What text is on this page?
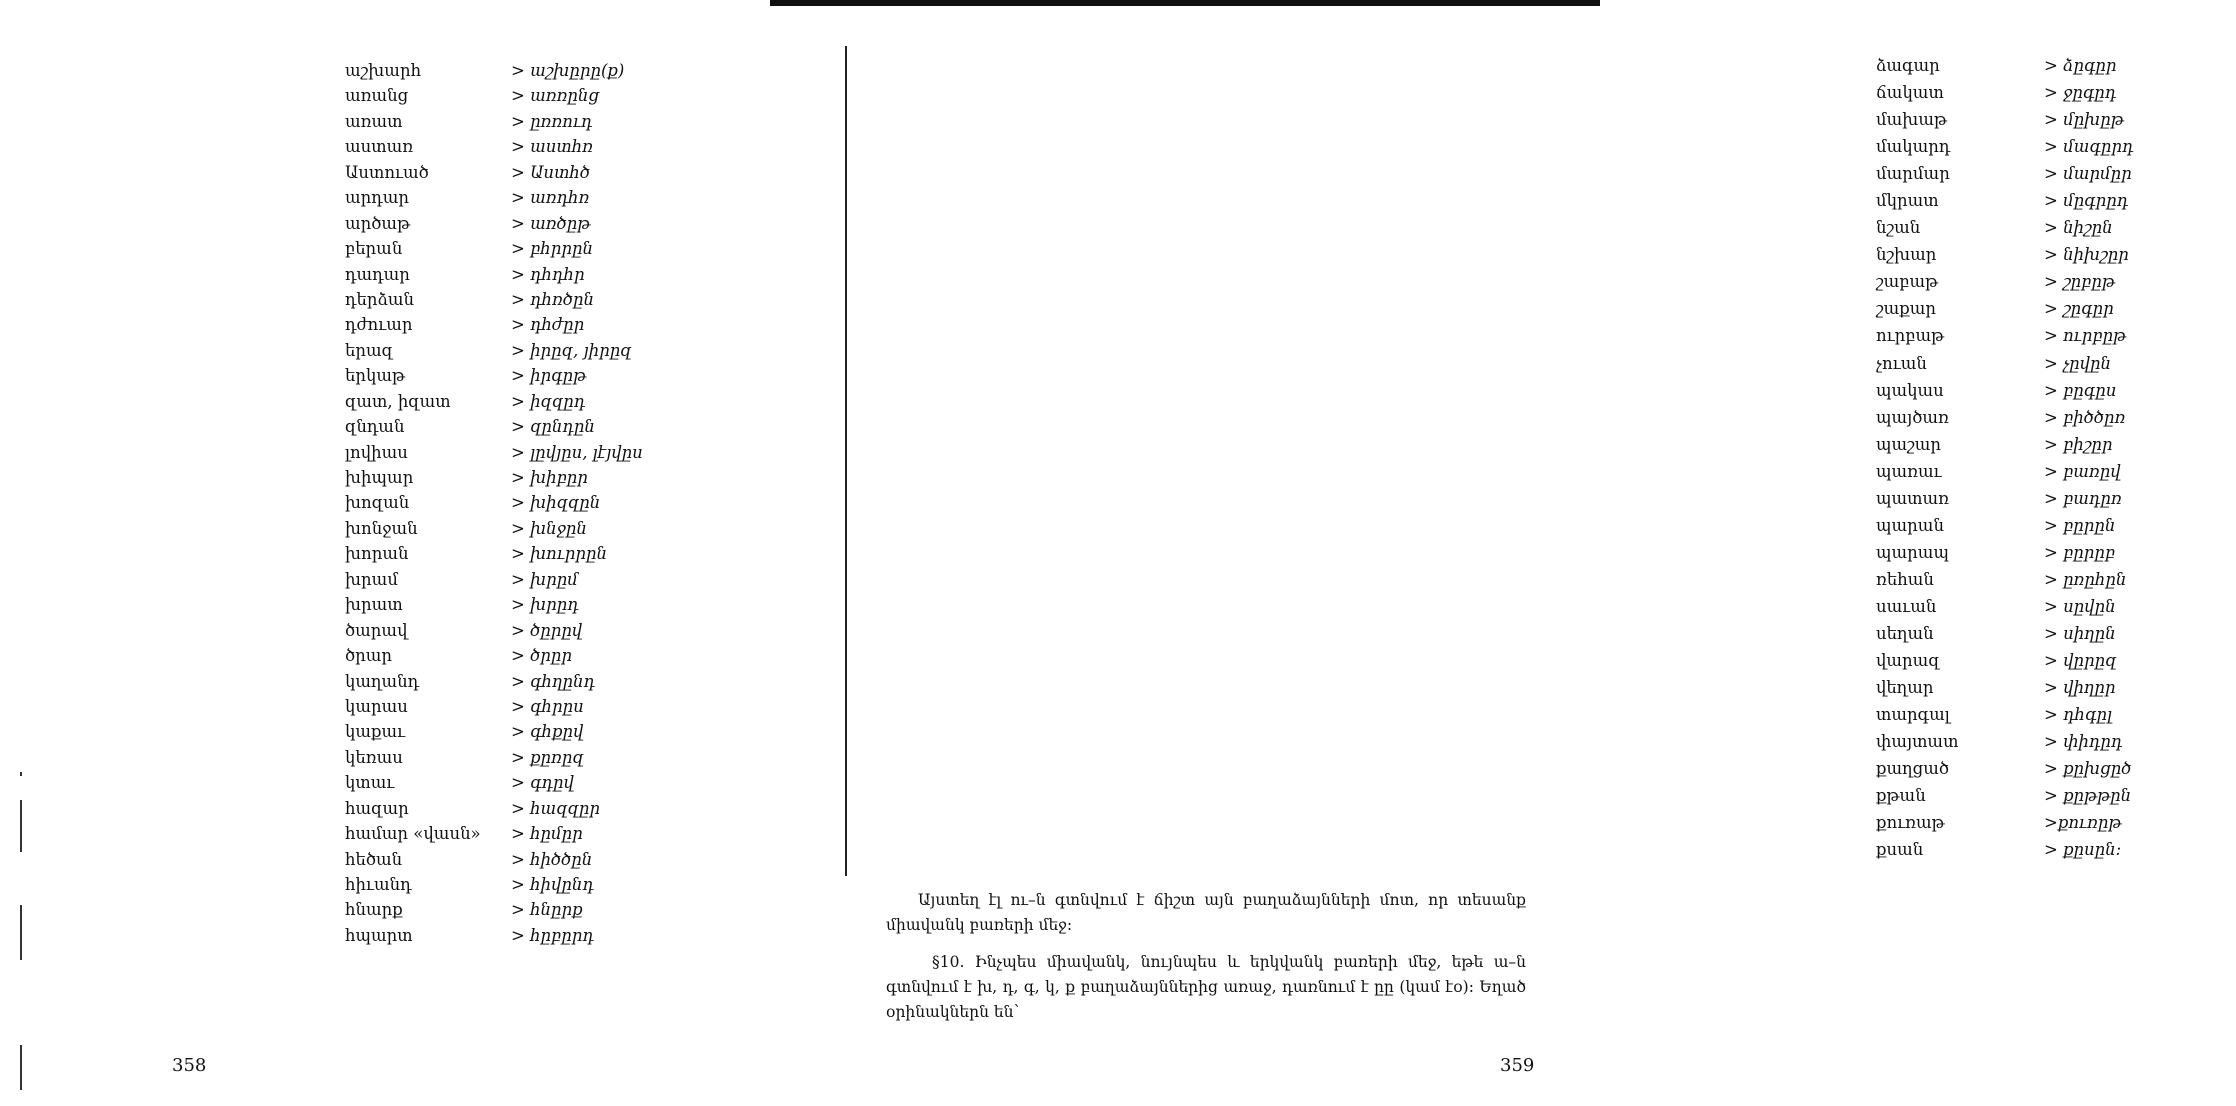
աշխարհ	> աշխըրը(ք)
առանց	> առռընց
առատ	> ըռռուդ
աստառ	> աստհռ
Աստուած	> Աստհծ
արդար	> առդհռ
արծաթ	> առծըթ
բերան	> բհրրըն
դադար	> դհդհր
դերձան	> դհռծըն
դժուար	> դհժըր
երազ	> իրըզ, յիրըզ
երկաթ	> իրգըթ
զատ, իզատ	> իզզըդ
զնդան	> զընդըն
լովիաս	> լըվյըս, լէյվըս
խիպար	> խիբըր
խոզան	> խիզզըն
խոնջան	> խնջըն
խորան	> խուրրըն
խրամ	> խրըմ
խրատ	> խրըդ
ծարավ	> ծըրըվ
ծրար	> ծրըր
կաղանդ	> գհղընդ
կարաս	> գհրըս
կաքաւ	> գհքըվ
կեռաս	> քըռըզ
կտաւ	> գդըվ
հազար	> հազզըր
համար «վասն» > հըմըր
հեծան	> հիծծըն
հիւանդ	> հիվընդ
հնարք	> հնըրք
հպարտ	> հըբըրդ
358
ձագար	> ձըգըր
ճակատ	> ջըգըդ
մախաթ	> մըխըթ
մակարդ	> մագըրդ
մարմար	> մարմըր
մկրատ	> մըգրըդ
նշան	> նիշըն
նշխար	> նիխշըր
շաբաթ	> շըբըթ
շաքար	> շըգըր
ուրբաթ	> ուրբըթ
չուան	> չըվըն
պակաս	> բըգըս
պայծառ	> բիծծըռ
պաշար	> բիշըր
պառաւ	> բառըվ
պատառ	> բադըռ
պարան	> բըրըն
պարապ	> բըրըբ
ռեհան	> ըռըհըն
սաւան	> սըվըն
սեղան	> սիղըն
վարազ	> վըրըզ
վեղար	> վիղըր
տարգալ	> դհգըլ
փայտատ	> փիդըդ
քաղցած	> քըխցըծ
քթան	> քըթթըն
քուռաթ	>քուռըթ
քսան	> քըսըն:
359

Այստեղ էլ ու–ն գտնվում է ճիշտ այն բաղաձայնների մոտ, որ տեսանք միավանկ բառերի մեջ:

§10. Ինչպես միավանկ, նույնպես և երկվանկ բառերի մեջ, եթե ա–ն գտնվում է խ, դ, գ, կ, ք բաղաձայններից առաջ, դառնում է ըը (կամ էօ): Եղած օրինակներն են՝
